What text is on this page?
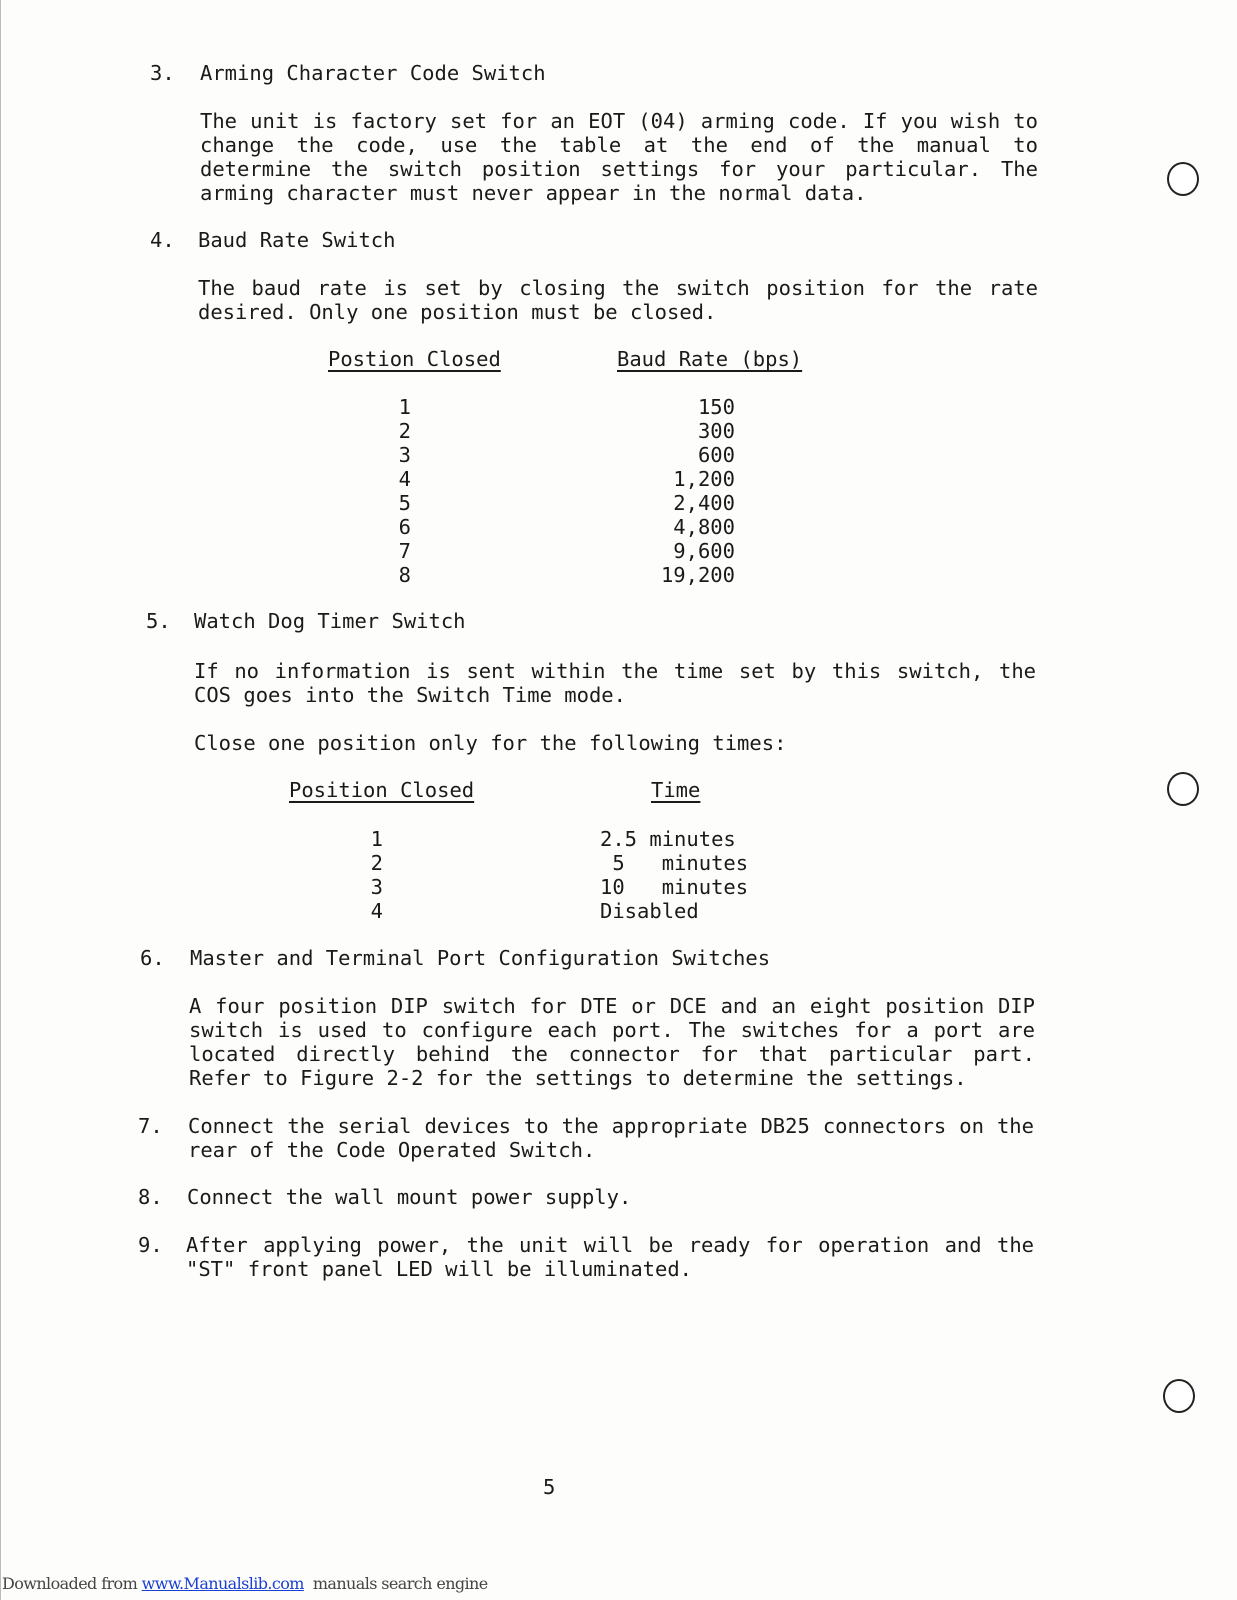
3. Arming Character Code Switch
The unit is factory set for an EOT (04) arming code. If you wish to change the code, use the table at the end of the manual to determine the switch position settings for your particular. The arming character must never appear in the normal data.
4. Baud Rate Switch
The baud rate is set by closing the switch position for the rate desired. Only one position must be closed.
Postion Closed	Baud Rate (bps)
1	150
2	300
3	600
4	1,200
5	2,400
6	4,800
7	9,600
8	19,200
5. Watch Dog Timer Switch
If no information is sent within the time set by this switch, the COS goes into the Switch Time mode.
Close one position only for the following times:
Position Closed	Time
1	2.5 minutes
2	5   minutes
3	10   minutes
4	Disabled
6. Master and Terminal Port Configuration Switches
A four position DIP switch for DTE or DCE and an eight position DIP switch is used to configure each port. The switches for a port are located directly behind the connector for that particular part. Refer to Figure 2-2 for the settings to determine the settings.
7. Connect the serial devices to the appropriate DB25 connectors on the rear of the Code Operated Switch.
8. Connect the wall mount power supply.
9. After applying power, the unit will be ready for operation and the "ST" front panel LED will be illuminated.
5
Downloaded from www.Manualslib.com  manuals search engine
